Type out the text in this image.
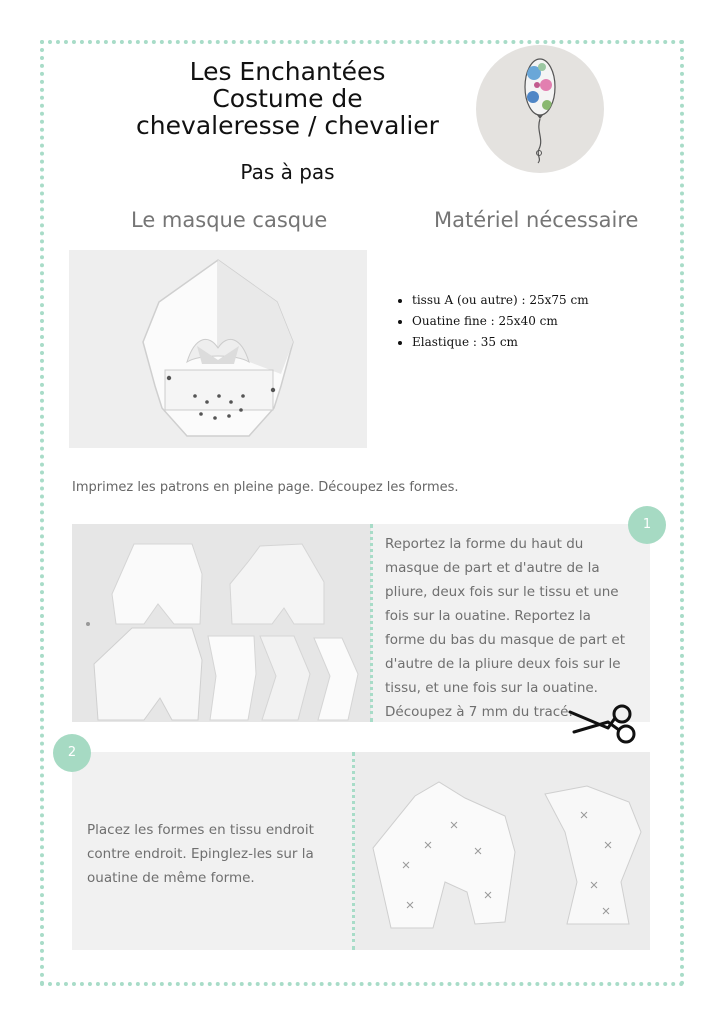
Les Enchantées
Costume de
chevaleresse / chevalier
Pas à pas
Le masque casque	Matériel nécessaire
• tissu A (ou autre) : 25x75 cm
• Ouatine fine : 25x40 cm
• Elastique : 35 cm
Imprimez les patrons en pleine page. Découpez les formes.
Reportez la forme du haut du
masque de part et d'autre de la
pliure, deux fois sur le tissu et une
fois sur la ouatine. Reportez la
forme du bas du masque de part et
d'autre de la pliure deux fois sur le
tissu, et une fois sur la ouatine.
Découpez à 7 mm du tracé.
1
Placez les formes en tissu endroit
contre endroit. Epinglez-les sur la
ouatine de même forme.
2
